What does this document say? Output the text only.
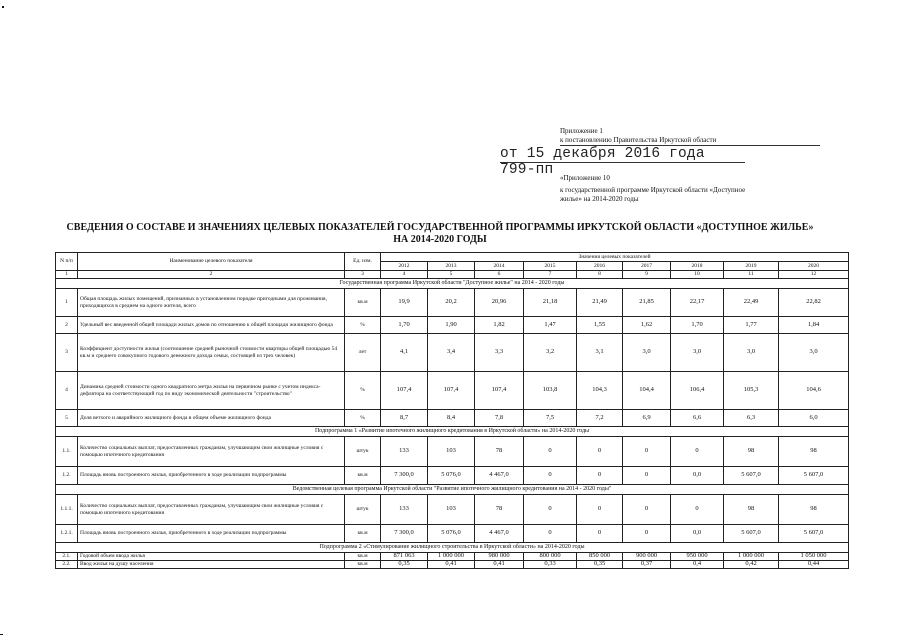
Приложение 1
к постановлению Правительства Иркутской области
от 15 декабря 2016 года
799-пп «Приложение 10
к государственной программе Иркутской области «Доступное
жилье» на 2014-2020 годы
СВЕДЕНИЯ О СОСТАВЕ И ЗНАЧЕНИЯХ ЦЕЛЕВЫХ ПОКАЗАТЕЛЕЙ ГОСУДАРСТВЕННОЙ ПРОГРАММЫ ИРКУТСКОЙ ОБЛАСТИ «ДОСТУПНОЕ ЖИЛЬЕ»
НА 2014-2020 ГОДЫ
N п/п	Наименование целевого показателя	Ед. изм.	Значения целевых показателей								
			2012	2013	2014	2015	2016	2017	2018	2019	2020
1	2	3	4	5	6	7	8	9	10	11	12
Государственная программа Иркутской области "Доступное жилье" на 2014 - 2020 годы											
1	Общая площадь жилых помещений, признанных в установленном порядке пригодными для проживания, приходящихся в среднем на одного жителя, всего	кв.м	19,9	20,2	20,96	21,18	21,49	21,85	22,17	22,49	22,82
2	Удельный вес введенной общей площади жилых домов по отношению к общей площади жилищного фонда	%	1,70	1,90	1,82	1,47	1,55	1,62	1,70	1,77	1,84
3	Коэффициент доступности жилья (соотношение средней рыночной стоимости квартиры общей площадью 54 кв.м и среднего совокупного годового денежного дохода семьи, состоящей из трех человек)	лет	4,1	3,4	3,3	3,2	3,1	3,0	3,0	3,0	3,0
4	Динамика средней стоимости одного квадратного метра жилья на первичном рынке с учетом индекса-дефлятора на соответствующий год по виду экономической деятельности "строительство"	%	107,4	107,4	107,4	103,8	104,3	104,4	106,4	105,3	104,6
5	Доля ветхого и аварийного жилищного фонда в общем объеме жилищного фонда	%	8,7	8,4	7,8	7,5	7,2	6,9	6,6	6,3	6,0
Подпрограмма 1 «Развитие ипотечного жилищного кредитования в Иркутской области» на 2014-2020 годы											
1.1.	Количество социальных выплат, предоставленных гражданам, улучшающим свои жилищные условия с помощью ипотечного кредитования	штук	133	103	78	0	0	0	0	98	98
1.2.	Площадь вновь построенного жилья, приобретенного в ходе реализации подпрограммы	кв.м	7 300,0	5 076,0	4 467,0	0	0	0	0,0	5 607,0	5 607,0
Ведомственная целевая программа Иркутской области "Развитие ипотечного жилищного кредитования на 2014 - 2020 годы"											
1.1.1.	Количество социальных выплат, предоставленных гражданам, улучшающим свои жилищные условия с помощью ипотечного кредитования	штук	133	103	78	0	0	0	0	98	98
1.2.1.	Площадь вновь построенного жилья, приобретенного в ходе реализации подпрограммы	кв.м	7 300,0	5 076,0	4 467,0	0	0	0	0,0	5 607,0	5 607,0
Подпрограмма 2 «Стимулирование жилищного строительства в Иркутской области» на 2014-2020 годы											
2.1.	Годовой объем ввода жилья	кв.м	871 063	1 000 000	980 000	800 000	850 000	900 000	950 000	1 000 000	1 050 000
2.2.	Ввод жилья на душу населения	кв.м	0,35	0,41	0,41	0,33	0,35	0,37	0,4	0,42	0,44
